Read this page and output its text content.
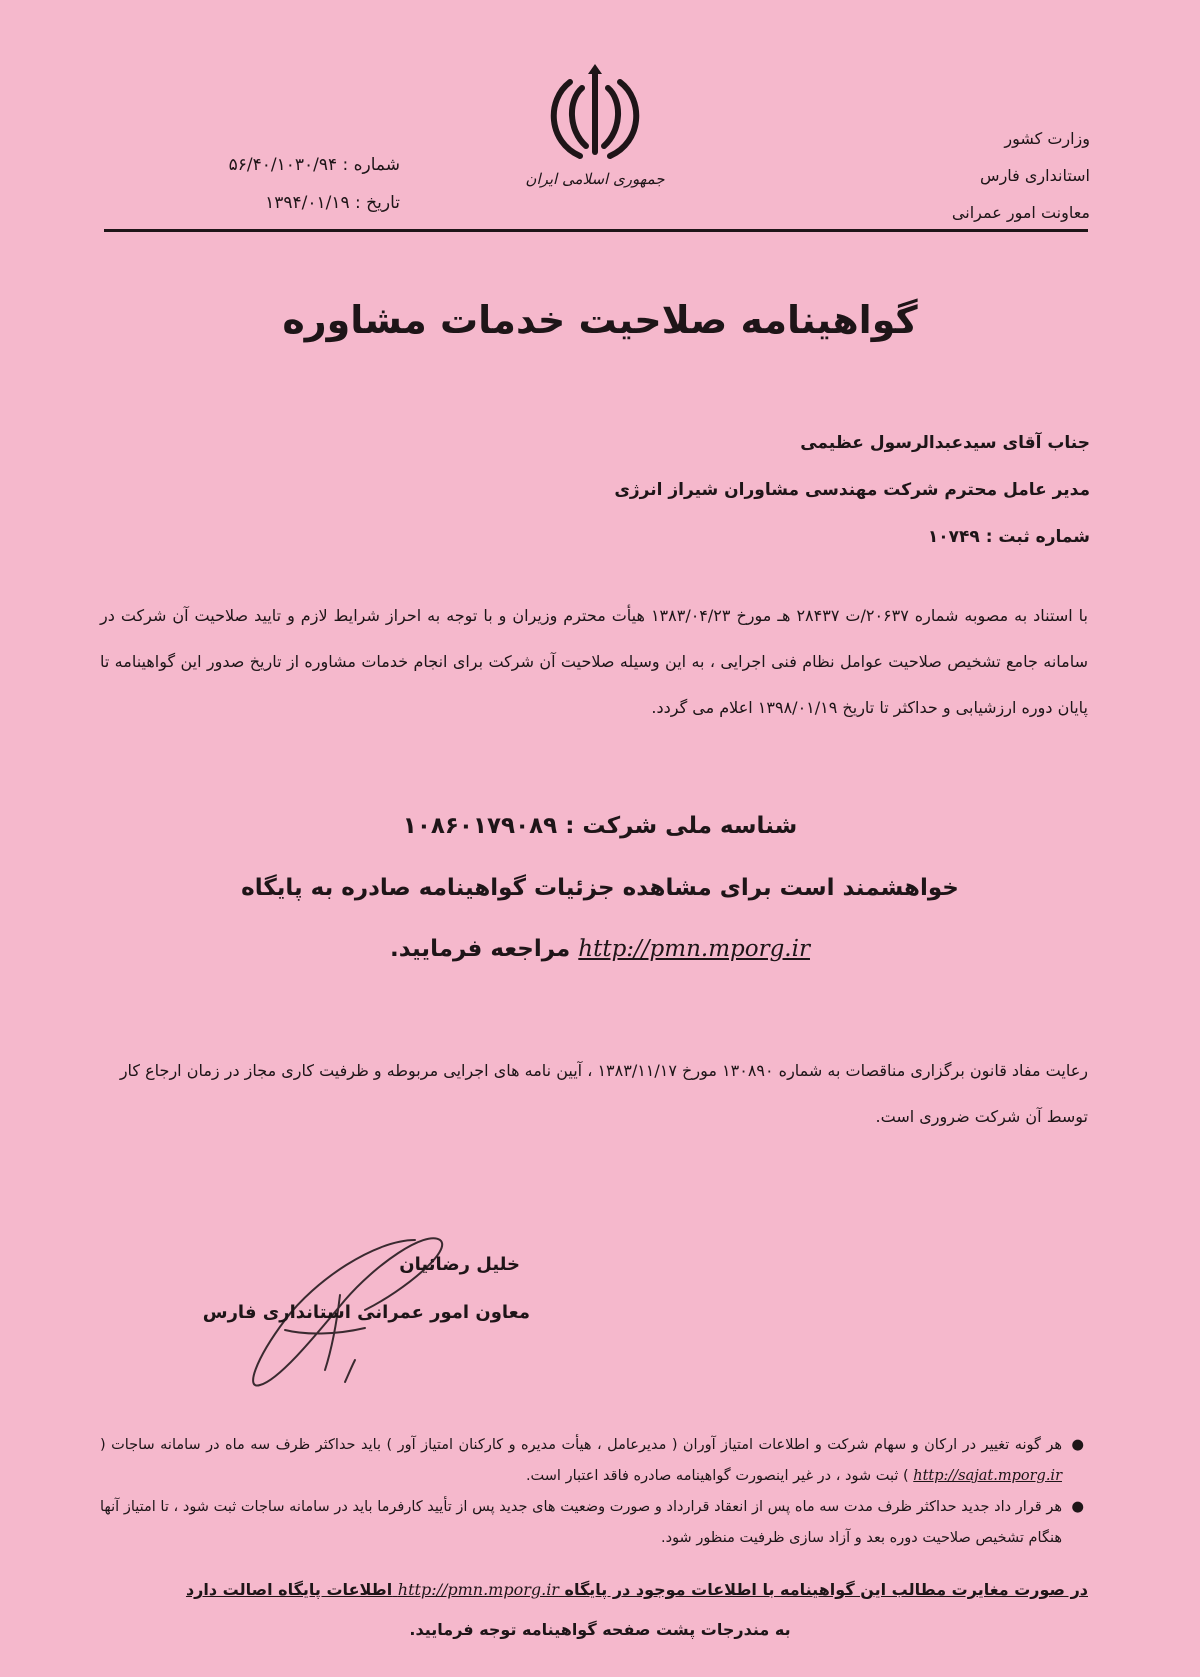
وزارت کشور
استانداری فارس
معاونت امور عمرانی
جمهوری اسلامی ایران
شماره : ۵۶/۴۰/۱۰۳۰/۹۴
تاریخ : ۱۳۹۴/۰۱/۱۹
گواهینامه صلاحیت خدمات مشاوره
جناب آقای سیدعبدالرسول عظیمی
مدیر عامل محترم شرکت مهندسی مشاوران شیراز انرژی
شماره ثبت : ۱۰۷۴۹
با استناد به مصوبه شماره ۲۰۶۳۷/ت ۲۸۴۳۷ هـ مورخ ۱۳۸۳/۰۴/۲۳ هیأت محترم وزیران و با توجه به احراز شرایط لازم و تایید صلاحیت آن شرکت در سامانه جامع تشخیص صلاحیت عوامل نظام فنی اجرایی ، به این وسیله صلاحیت آن شرکت برای انجام خدمات مشاوره از تاریخ صدور این گواهینامه تا پایان دوره ارزشیابی و حداکثر تا تاریخ ۱۳۹۸/۰۱/۱۹ اعلام می گردد.
شناسه ملی شرکت : ۱۰۸۶۰۱۷۹۰۸۹
خواهشمند است برای مشاهده جزئیات گواهینامه صادره به پایگاه
http://pmn.mporg.ir مراجعه فرمایید.
رعایت مفاد قانون برگزاری مناقصات به شماره ۱۳۰۸۹۰ مورخ ۱۳۸۳/۱۱/۱۷ ، آیین نامه های اجرایی مربوطه و ظرفیت کاری مجاز در زمان ارجاع کار توسط آن شرکت ضروری است.
خلیل رضائیان
معاون امور عمرانی استانداری فارس
●
هر گونه تغییر در ارکان و سهام شرکت و اطلاعات امتیاز آوران ( مدیرعامل ، هیأت مدیره و کارکنان امتیاز آور ) باید حداکثر ظرف سه ماه در سامانه ساجات ( http://sajat.mporg.ir ) ثبت شود ، در غیر اینصورت گواهینامه صادره فاقد اعتبار است.
●
هر قرار داد جدید حداکثر ظرف مدت سه ماه پس از انعقاد قرارداد و صورت وضعیت های جدید پس از تأیید کارفرما باید در سامانه ساجات ثبت شود ، تا امتیاز آنها هنگام تشخیص صلاحیت دوره بعد و آزاد سازی ظرفیت منظور شود.
در صورت مغایرت مطالب این گواهینامه با اطلاعات موجود در پایگاه http://pmn.mporg.ir اطلاعات پایگاه اصالت دارد
به مندرجات پشت صفحه گواهینامه توجه فرمایید.
